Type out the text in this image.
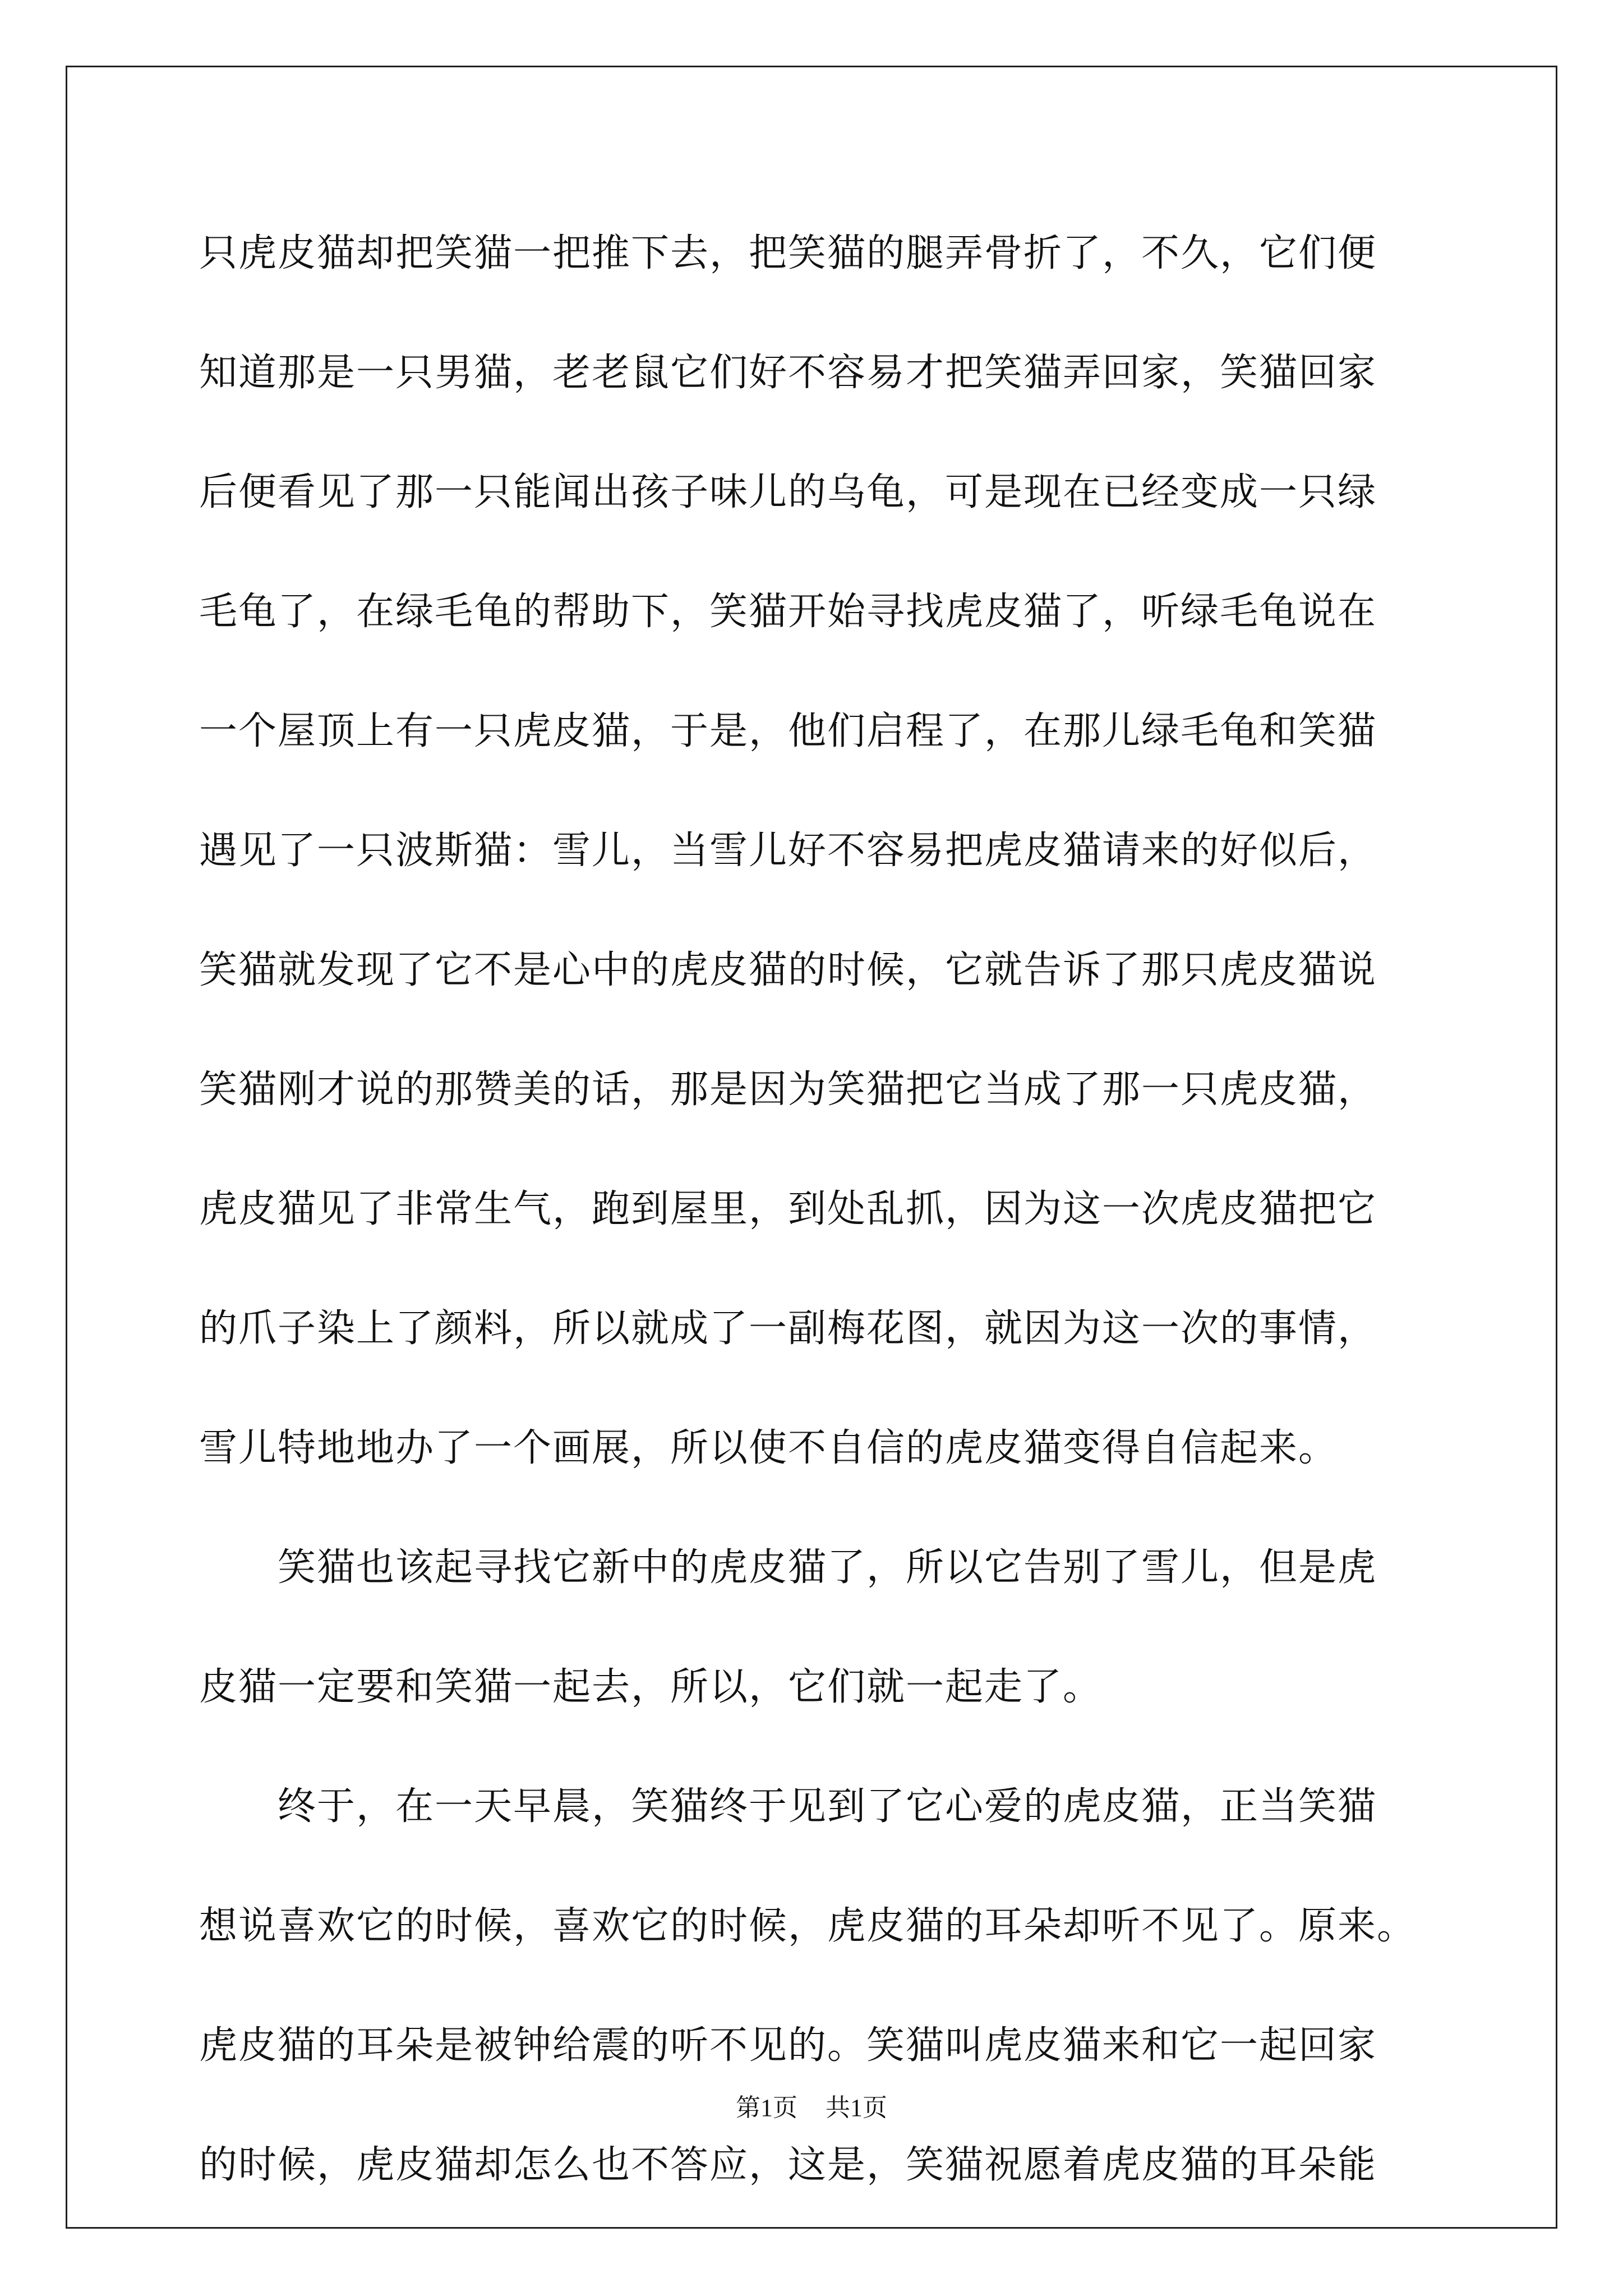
只虎皮猫却把笑猫一把推下去，把笑猫的腿弄骨折了，不久，它们便
知道那是一只男猫，老老鼠它们好不容易才把笑猫弄回家，笑猫回家
后便看见了那一只能闻出孩子味儿的乌龟，可是现在已经变成一只绿
毛龟了，在绿毛龟的帮助下，笑猫开始寻找虎皮猫了，听绿毛龟说在
一个屋顶上有一只虎皮猫，于是，他们启程了，在那儿绿毛龟和笑猫
遇见了一只波斯猫：雪儿，当雪儿好不容易把虎皮猫请来的好似后，
笑猫就发现了它不是心中的虎皮猫的时候，它就告诉了那只虎皮猫说
笑猫刚才说的那赞美的话，那是因为笑猫把它当成了那一只虎皮猫，
虎皮猫见了非常生气，跑到屋里，到处乱抓，因为这一次虎皮猫把它
的爪子染上了颜料，所以就成了一副梅花图，就因为这一次的事情，
雪儿特地地办了一个画展，所以使不自信的虎皮猫变得自信起来。
笑猫也该起寻找它新中的虎皮猫了，所以它告别了雪儿，但是虎
皮猫一定要和笑猫一起去，所以，它们就一起走了。
终于，在一天早晨，笑猫终于见到了它心爱的虎皮猫，正当笑猫
想说喜欢它的时候，喜欢它的时候，虎皮猫的耳朵却听不见了。原来。
虎皮猫的耳朵是被钟给震的听不见的。笑猫叫虎皮猫来和它一起回家
的时候，虎皮猫却怎么也不答应，这是，笑猫祝愿着虎皮猫的耳朵能
第1页 共1页
